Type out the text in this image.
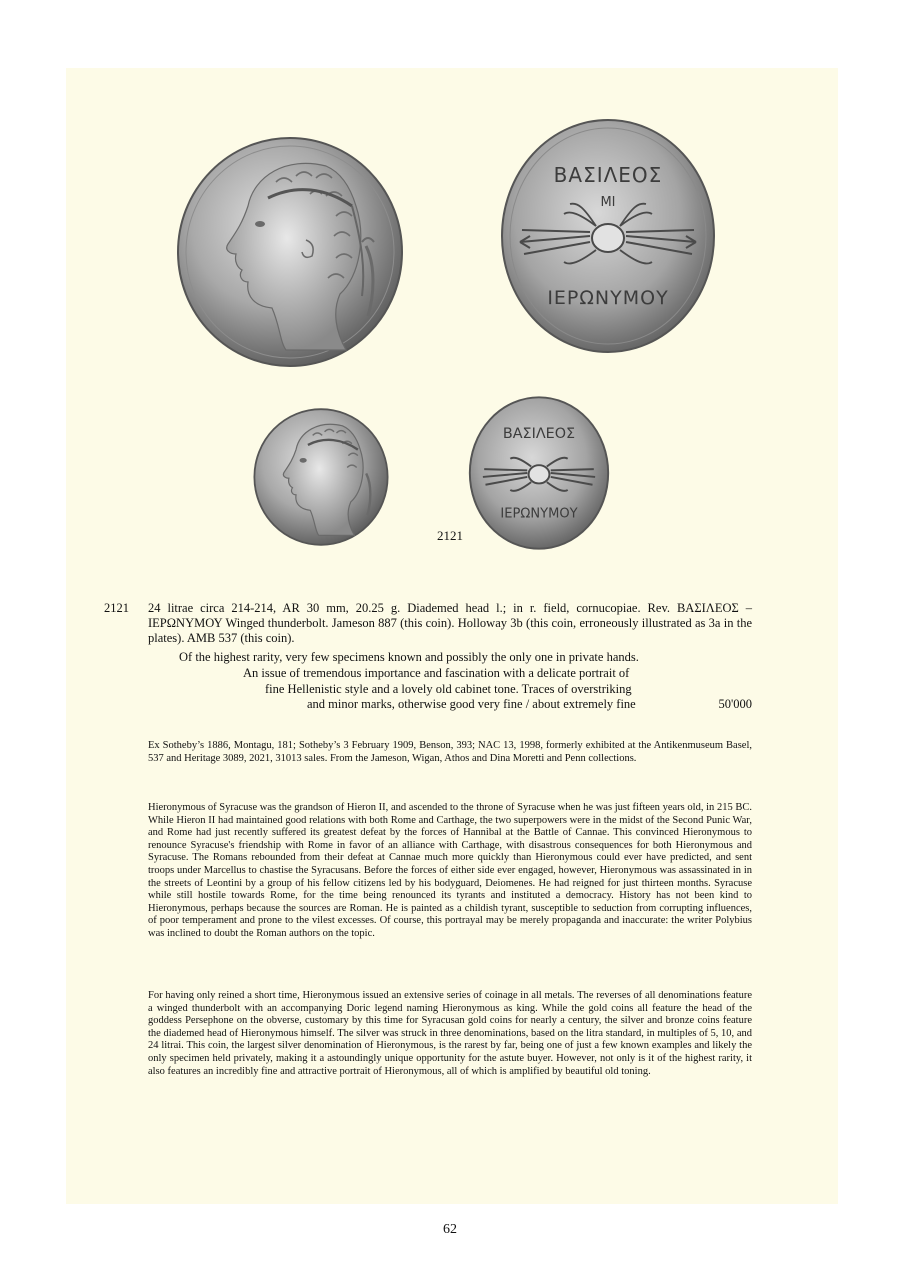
ΒΑΣΙΛΕΟΣ
ΜΙ
ΙΕΡΩΝΥΜΟΥ
ΒΑΣΙΛΕΟΣ
ΙΕΡΩΝΥΜΟΥ
2121
2121 24 litrae circa 214-214, AR 30 mm, 20.25 g. Diademed head l.; in r. field, cornucopiae. Rev. ΒΑΣΙΛΕΟΣ – ΙΕΡΩΝΥΜΟΥ Winged thunderbolt. Jameson 887 (this coin). Holloway 3b (this coin, erroneously illustrated as 3a in the plates). AMB 537 (this coin).
Of the highest rarity, very few specimens known and possibly the only one in private hands.
An issue of tremendous importance and fascination with a delicate portrait of
fine Hellenistic style and a lovely old cabinet tone. Traces of overstriking
and minor marks, otherwise good very fine / about extremely fine	50'000
Ex Sotheby’s 1886, Montagu, 181; Sotheby’s 3 February 1909, Benson, 393; NAC 13, 1998, formerly exhibited at the Antikenmuseum Basel, 537 and Heritage 3089, 2021, 31013 sales. From the Jameson, Wigan, Athos and Dina Moretti and Penn collections.
Hieronymous of Syracuse was the grandson of Hieron II, and ascended to the throne of Syracuse when he was just fifteen years old, in 215 BC. While Hieron II had maintained good relations with both Rome and Carthage, the two superpowers were in the midst of the Second Punic War, and Rome had just recently suffered its greatest defeat by the forces of Hannibal at the Battle of Cannae. This convinced Hieronymous to renounce Syracuse's friendship with Rome in favor of an alliance with Carthage, with disastrous consequences for both Hieronymous and Syracuse. The Romans rebounded from their defeat at Cannae much more quickly than Hieronymous could ever have predicted, and sent troops under Marcellus to chastise the Syracusans. Before the forces of either side ever engaged, however, Hieronymous was assassinated in in the streets of Leontini by a group of his fellow citizens led by his bodyguard, Deiomenes. He had reigned for just thirteen months. Syracuse while still hostile towards Rome, for the time being renounced its tyrants and instituted a democracy. History has not been kind to Hieronymous, perhaps because the sources are Roman. He is painted as a childish tyrant, susceptible to seduction from corrupting influences, of poor temperament and prone to the vilest excesses. Of course, this portrayal may be merely propaganda and inaccurate: the writer Polybius was inclined to doubt the Roman authors on the topic.
For having only reined a short time, Hieronymous issued an extensive series of coinage in all metals. The reverses of all denominations feature a winged thunderbolt with an accompanying Doric legend naming Hieronymous as king. While the gold coins all feature the head of the goddess Persephone on the obverse, customary by this time for Syracusan gold coins for nearly a century, the silver and bronze coins feature the diademed head of Hieronymous himself. The silver was struck in three denominations, based on the litra standard, in multiples of 5, 10, and 24 litrai. This coin, the largest silver denomination of Hieronymous, is the rarest by far, being one of just a few known examples and likely the only specimen held privately, making it a astoundingly unique opportunity for the astute buyer. However, not only is it of the highest rarity, it also features an incredibly fine and attractive portrait of Hieronymous, all of which is amplified by beautiful old toning.
62
